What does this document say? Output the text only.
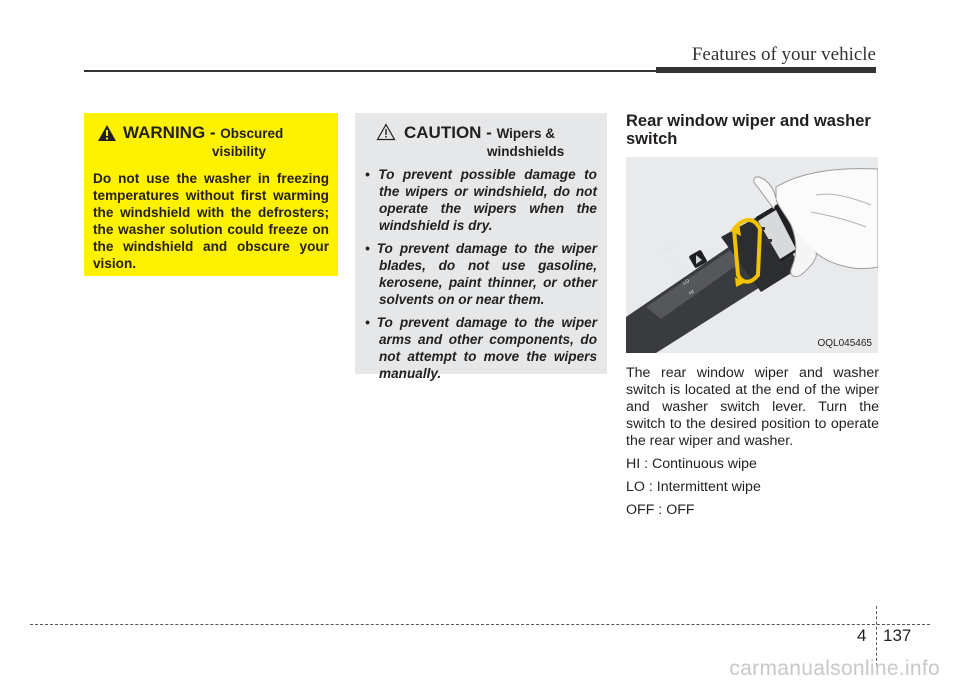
Features of your vehicle
WARNING - Obscured
visibility
Do not use the washer in freezing temperatures without first warming the windshield with the defrosters; the washer solution could freeze on the windshield and obscure your vision.
CAUTION - Wipers &
windshields
• To prevent possible damage to the wipers or windshield, do not operate the wipers when the windshield is dry.
• To prevent damage to the wiper blades, do not use gasoline, kerosene, paint thinner, or other solvents on or near them.
• To prevent damage to the wiper arms and other components, do not attempt to move the wipers manually.
Rear window wiper and washer switch
MIST
OFF
INT
LO
HI
OQL045465

The rear window wiper and washer switch is located at the end of the wiper and washer switch lever. Turn the switch to the desired position to operate the rear wiper and washer.

HI : Continuous wipe
LO : Intermittent wipe
OFF : OFF
4 137
carmanualsonline.info
